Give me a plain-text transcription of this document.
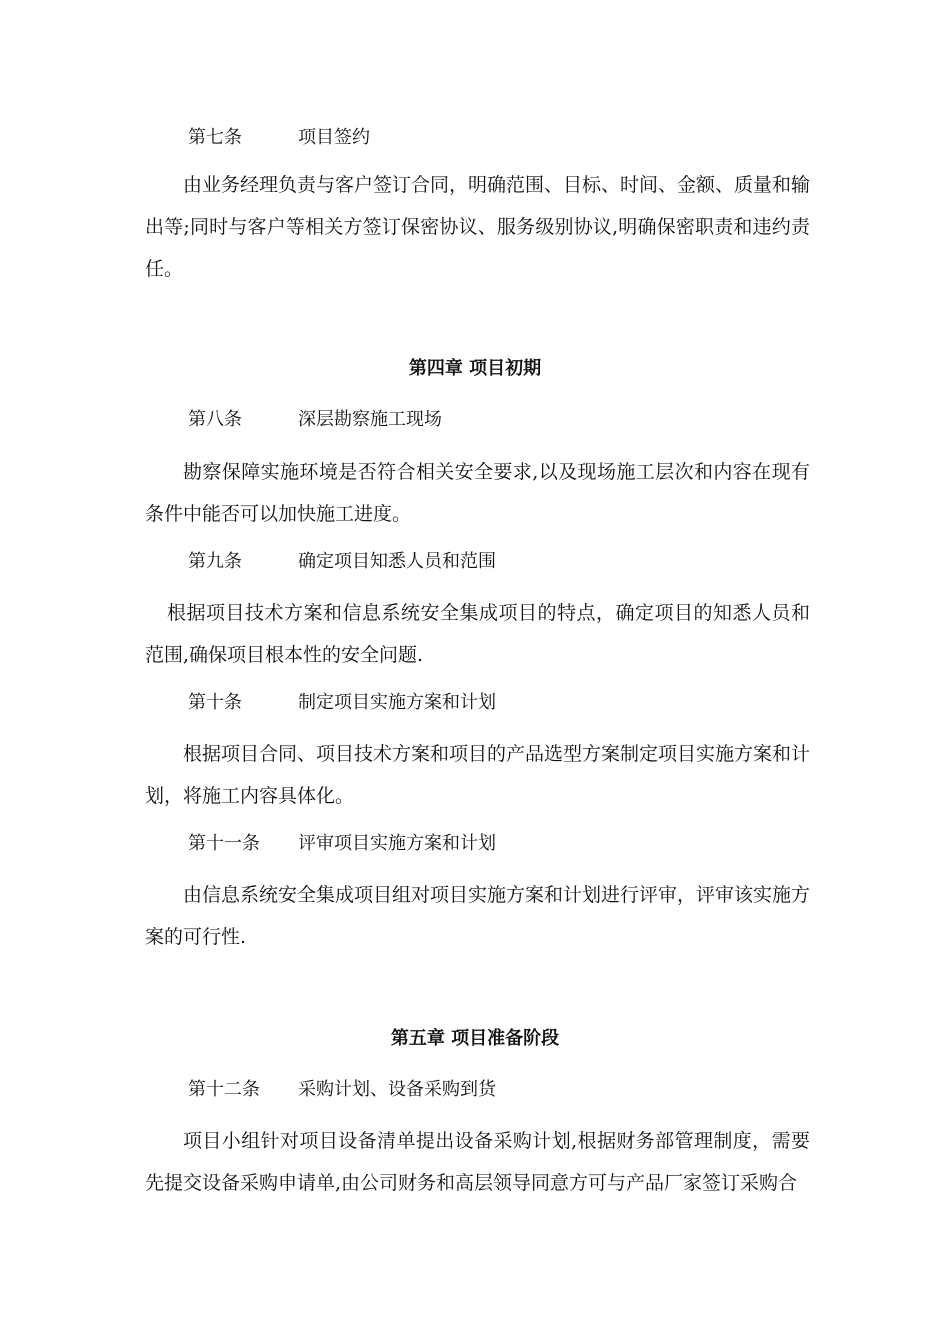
第七条	项目签约
由业务经理负责与客户签订合同，明确范围、目标、时间、金额、质量和输出等;同时与客户等相关方签订保密协议、服务级别协议,明确保密职责和违约责任。
第四章 项目初期
第八条	深层勘察施工现场
勘察保障实施环境是否符合相关安全要求,以及现场施工层次和内容在现有条件中能否可以加快施工进度。
第九条	确定项目知悉人员和范围
根据项目技术方案和信息系统安全集成项目的特点，确定项目的知悉人员和范围,确保项目根本性的安全问题.
第十条	制定项目实施方案和计划
根据项目合同、项目技术方案和项目的产品选型方案制定项目实施方案和计划，将施工内容具体化。
第十一条 评审项目实施方案和计划
由信息系统安全集成项目组对项目实施方案和计划进行评审，评审该实施方案的可行性.
第五章 项目准备阶段
第十二条 采购计划、设备采购到货
项目小组针对项目设备清单提出设备采购计划,根据财务部管理制度，需要先提交设备采购申请单,由公司财务和高层领导同意方可与产品厂家签订采购合
